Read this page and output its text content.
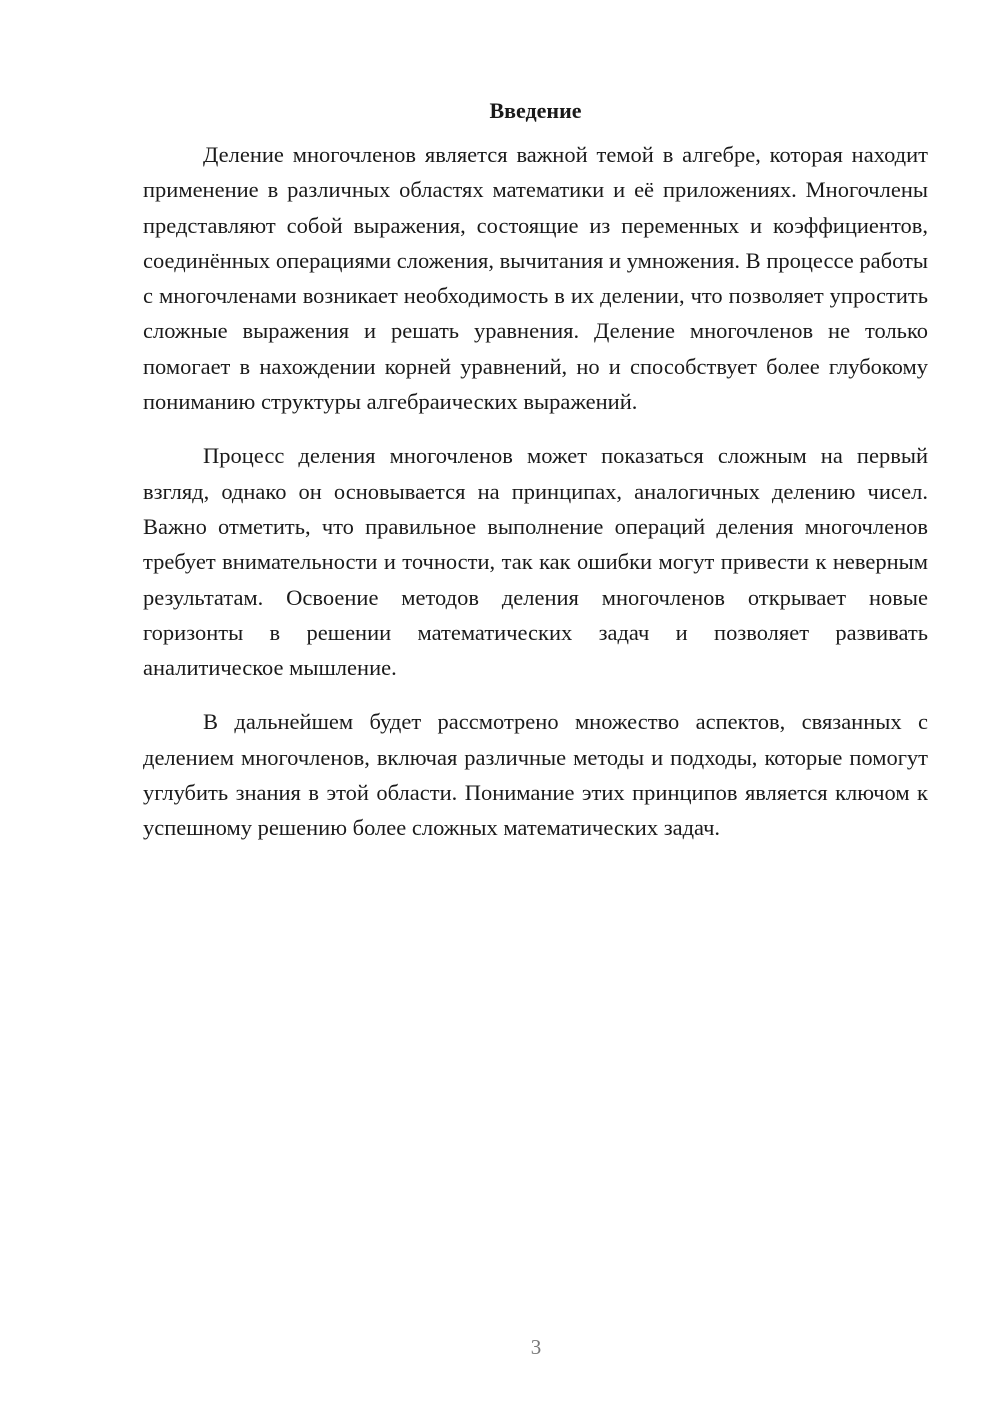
Введение

Деление многочленов является важной темой в алгебре, которая находит применение в различных областях математики и её приложениях. Многочлены представляют собой выражения, состоящие из переменных и коэффициентов, соединённых операциями сложения, вычитания и умножения. В процессе работы с многочленами возникает необходимость в их делении, что позволяет упростить сложные выражения и решать уравнения. Деление многочленов не только помогает в нахождении корней уравнений, но и способствует более глубокому пониманию структуры алгебраических выражений.

Процесс деления многочленов может показаться сложным на первый взгляд, однако он основывается на принципах, аналогичных делению чисел. Важно отметить, что правильное выполнение операций деления многочленов требует внимательности и точности, так как ошибки могут привести к неверным результатам. Освоение методов деления многочленов открывает новые горизонты в решении математических задач и позволяет развивать аналитическое мышление.

В дальнейшем будет рассмотрено множество аспектов, связанных с делением многочленов, включая различные методы и подходы, которые помогут углубить знания в этой области. Понимание этих принципов является ключом к успешному решению более сложных математических задач.

3
